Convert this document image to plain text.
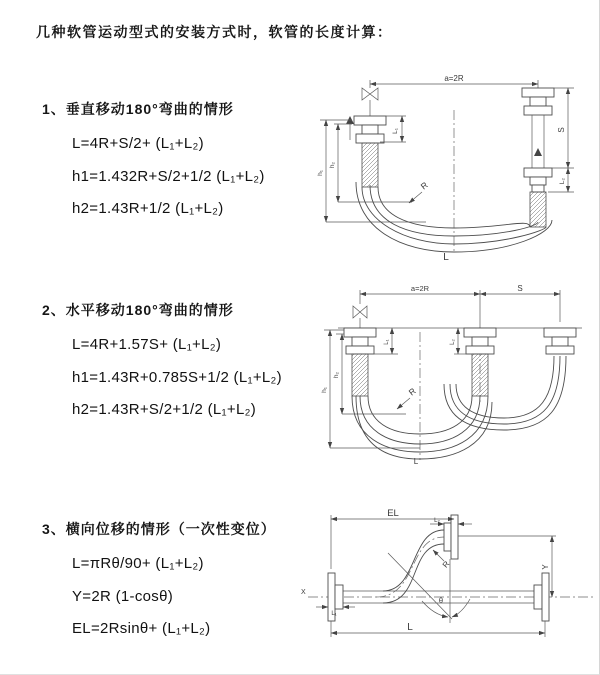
几种软管运动型式的安装方式时，软管的长度计算：
1、垂直移动180°弯曲的情形
L=4R+S/2+ (L₁+L₂)
h1=1.432R+S/2+1/2 (L₁+L₂)
h2=1.43R+1/2 (L₁+L₂)
2、水平移动180°弯曲的情形
L=4R+1.57S+ (L₁+L₂)
h1=1.43R+0.785S+1/2 (L₁+L₂)
h2=1.43R+S/2+1/2 (L₁+L₂)
3、横向位移的情形（一次性变位）
L=πRθ/90+ (L₁+L₂)
Y=2R (1-cosθ)
EL=2Rsinθ+ (L₁+L₂)
a=2R
L₁	S
L₂
h₁
h₂
R
L
a=2R	S
L₁	L₂
h₁
h₂
R
L
X
EL
L₂
Y
θ
R
L
L₁
